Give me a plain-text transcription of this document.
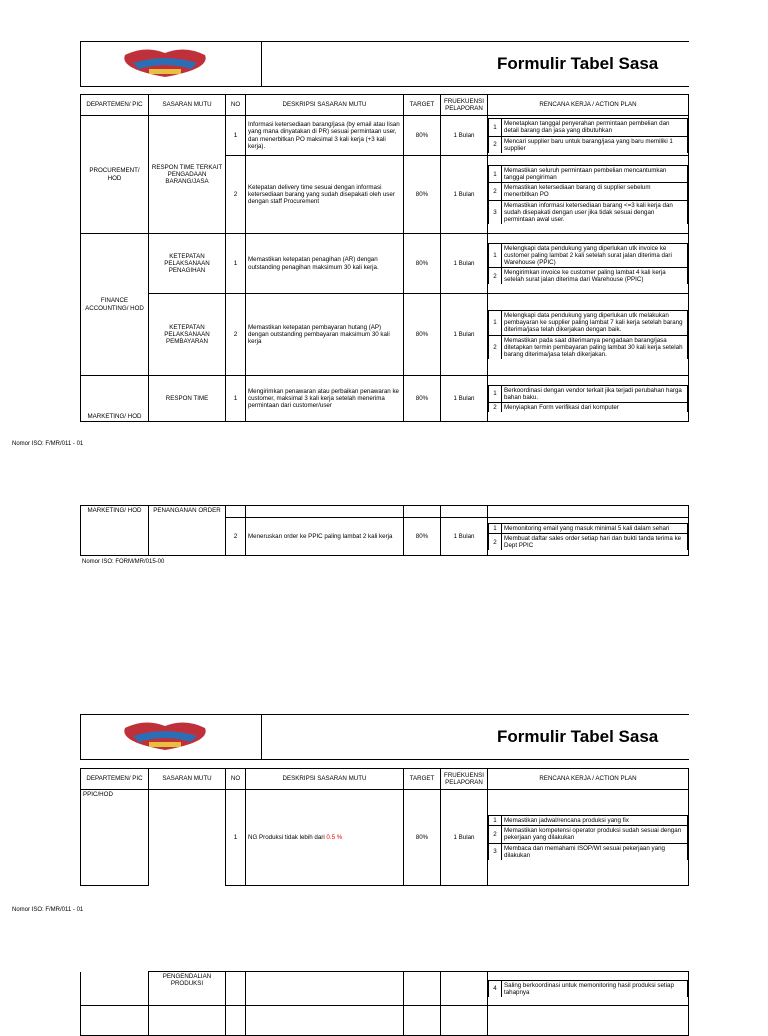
Formulir Tabel Sasa
DEPARTEMEN/ PIC	SASARAN MUTU	NO	DESKRIPSI SASARAN MUTU	TARGET	FRUEKUENSI PELAPORAN	RENCANA KERJA / ACTION PLAN
PROCUREMENT/ HOD	RESPON TIME TERKAIT PENGADAAN BARANG/JASA	1	Informasi ketersediaan barang/jasa (by email atau lisan yang mana dinyatakan di PR) sesuai permintaan user, dan menerbitkan PO maksimal 3 kali kerja (+3 kali kerja).	80%	1 Bulan	
1	Menetapkan tanggal penyerahan permintaan pembelian dan detail barang dan jasa yang dibutuhkan
2	Mencari supplier baru untuk barang/jasa yang baru memiliki 1 supplier

2	Ketepatan delivery time sesuai dengan informasi ketersediaan barang yang sudah disepakati oleh user dengan staff Procurement	80%	1 Bulan	
1	Memastikan seluruh permintaan pembelian mencantumkan tanggal pengiriman
2	Memastikan ketersediaan barang di supplier sebelum menerbitkan PO
3	Memastikan informasi ketersediaan barang <=3 kali kerja dan sudah disepakati dengan user jika tidak sesuai dengan permintaan awal user.

FINANCE ACCOUNTING/ HOD	KETEPATAN PELAKSANAAN PENAGIHAN	1	Memastikan ketepatan penagihan (AR) dengan outstanding penagihan maksimum 30 kali kerja.	80%	1 Bulan	
1	Melengkapi data pendukung yang diperlukan utk invoice ke customer paling lambat 2 kali setelah surat jalan diterima dari Warehouse (PPIC)
2	Mengirimkan invoice ke customer paling lambat 4 kali kerja setelah surat jalan diterima dari Warehouse (PPIC)

KETEPATAN PELAKSANAAN PEMBAYARAN	2	Memastikan ketepatan pembayaran hutang (AP) dengan outstanding pembayaran maksimum 30 kali kerja	80%	1 Bulan	
1	Melengkapi data pendukung yang diperlukan utk melakukan pembayaran ke supplier paling lambat 7 kali kerja setelah barang diterima/jasa telah dikerjakan dengan baik.
2	Memastikan pada saat diterimanya pengadaan barang/jasa ditetapkan termin pembayaran paling lambat 30 kali kerja setelah barang diterima/jasa telah dikerjakan.

MARKETING/ HOD	RESPON TIME	1	Mengirimkan penawaran atau perbaikan penawaran ke customer, maksimal 3 kali kerja setelah menerima permintaan dari customer/user	80%	1 Bulan	
1	Berkoordinasi dengan vendor terkait jika terjadi perubahan harga bahan baku.
2	Menyiapkan Form verifikasi dari komputer
Nomor ISO: F/MR/011 - 01
MARKETING/ HOD	PENANGANAN ORDER					
2	Meneruskan order ke PPIC paling lambat 2 kali kerja	80%	1 Bulan	
1	Memonitoring email yang masuk minimal 5 kali dalam sehari
2	Membuat daftar sales order setiap hari dan bukti tanda terima ke Dept PPIC
Nomor ISO: FORM/MR/015-00
Formulir Tabel Sasa
DEPARTEMEN/ PIC	SASARAN MUTU	NO	DESKRIPSI SASARAN MUTU	TARGET	FRUEKUENSI PELAPORAN	RENCANA KERJA / ACTION PLAN
PPIC/HOD		1	NG Produksi tidak lebih dari 0.5 %	80%	1 Bulan	
1	Memastikan jadwal/rencana produksi yang fix
2	Memastikan kompetensi operator produksi sudah sesuai dengan pekerjaan yang dilakukan
3	Membaca dan memahami ISOP/WI sesuai pekerjaan yang dilakukan
Nomor ISO: F/MR/011 - 01
	PENGENDALIAN PRODUKSI					
4	Saling berkoordinasi untuk memonitoring hasil produksi setiap tahapnya
